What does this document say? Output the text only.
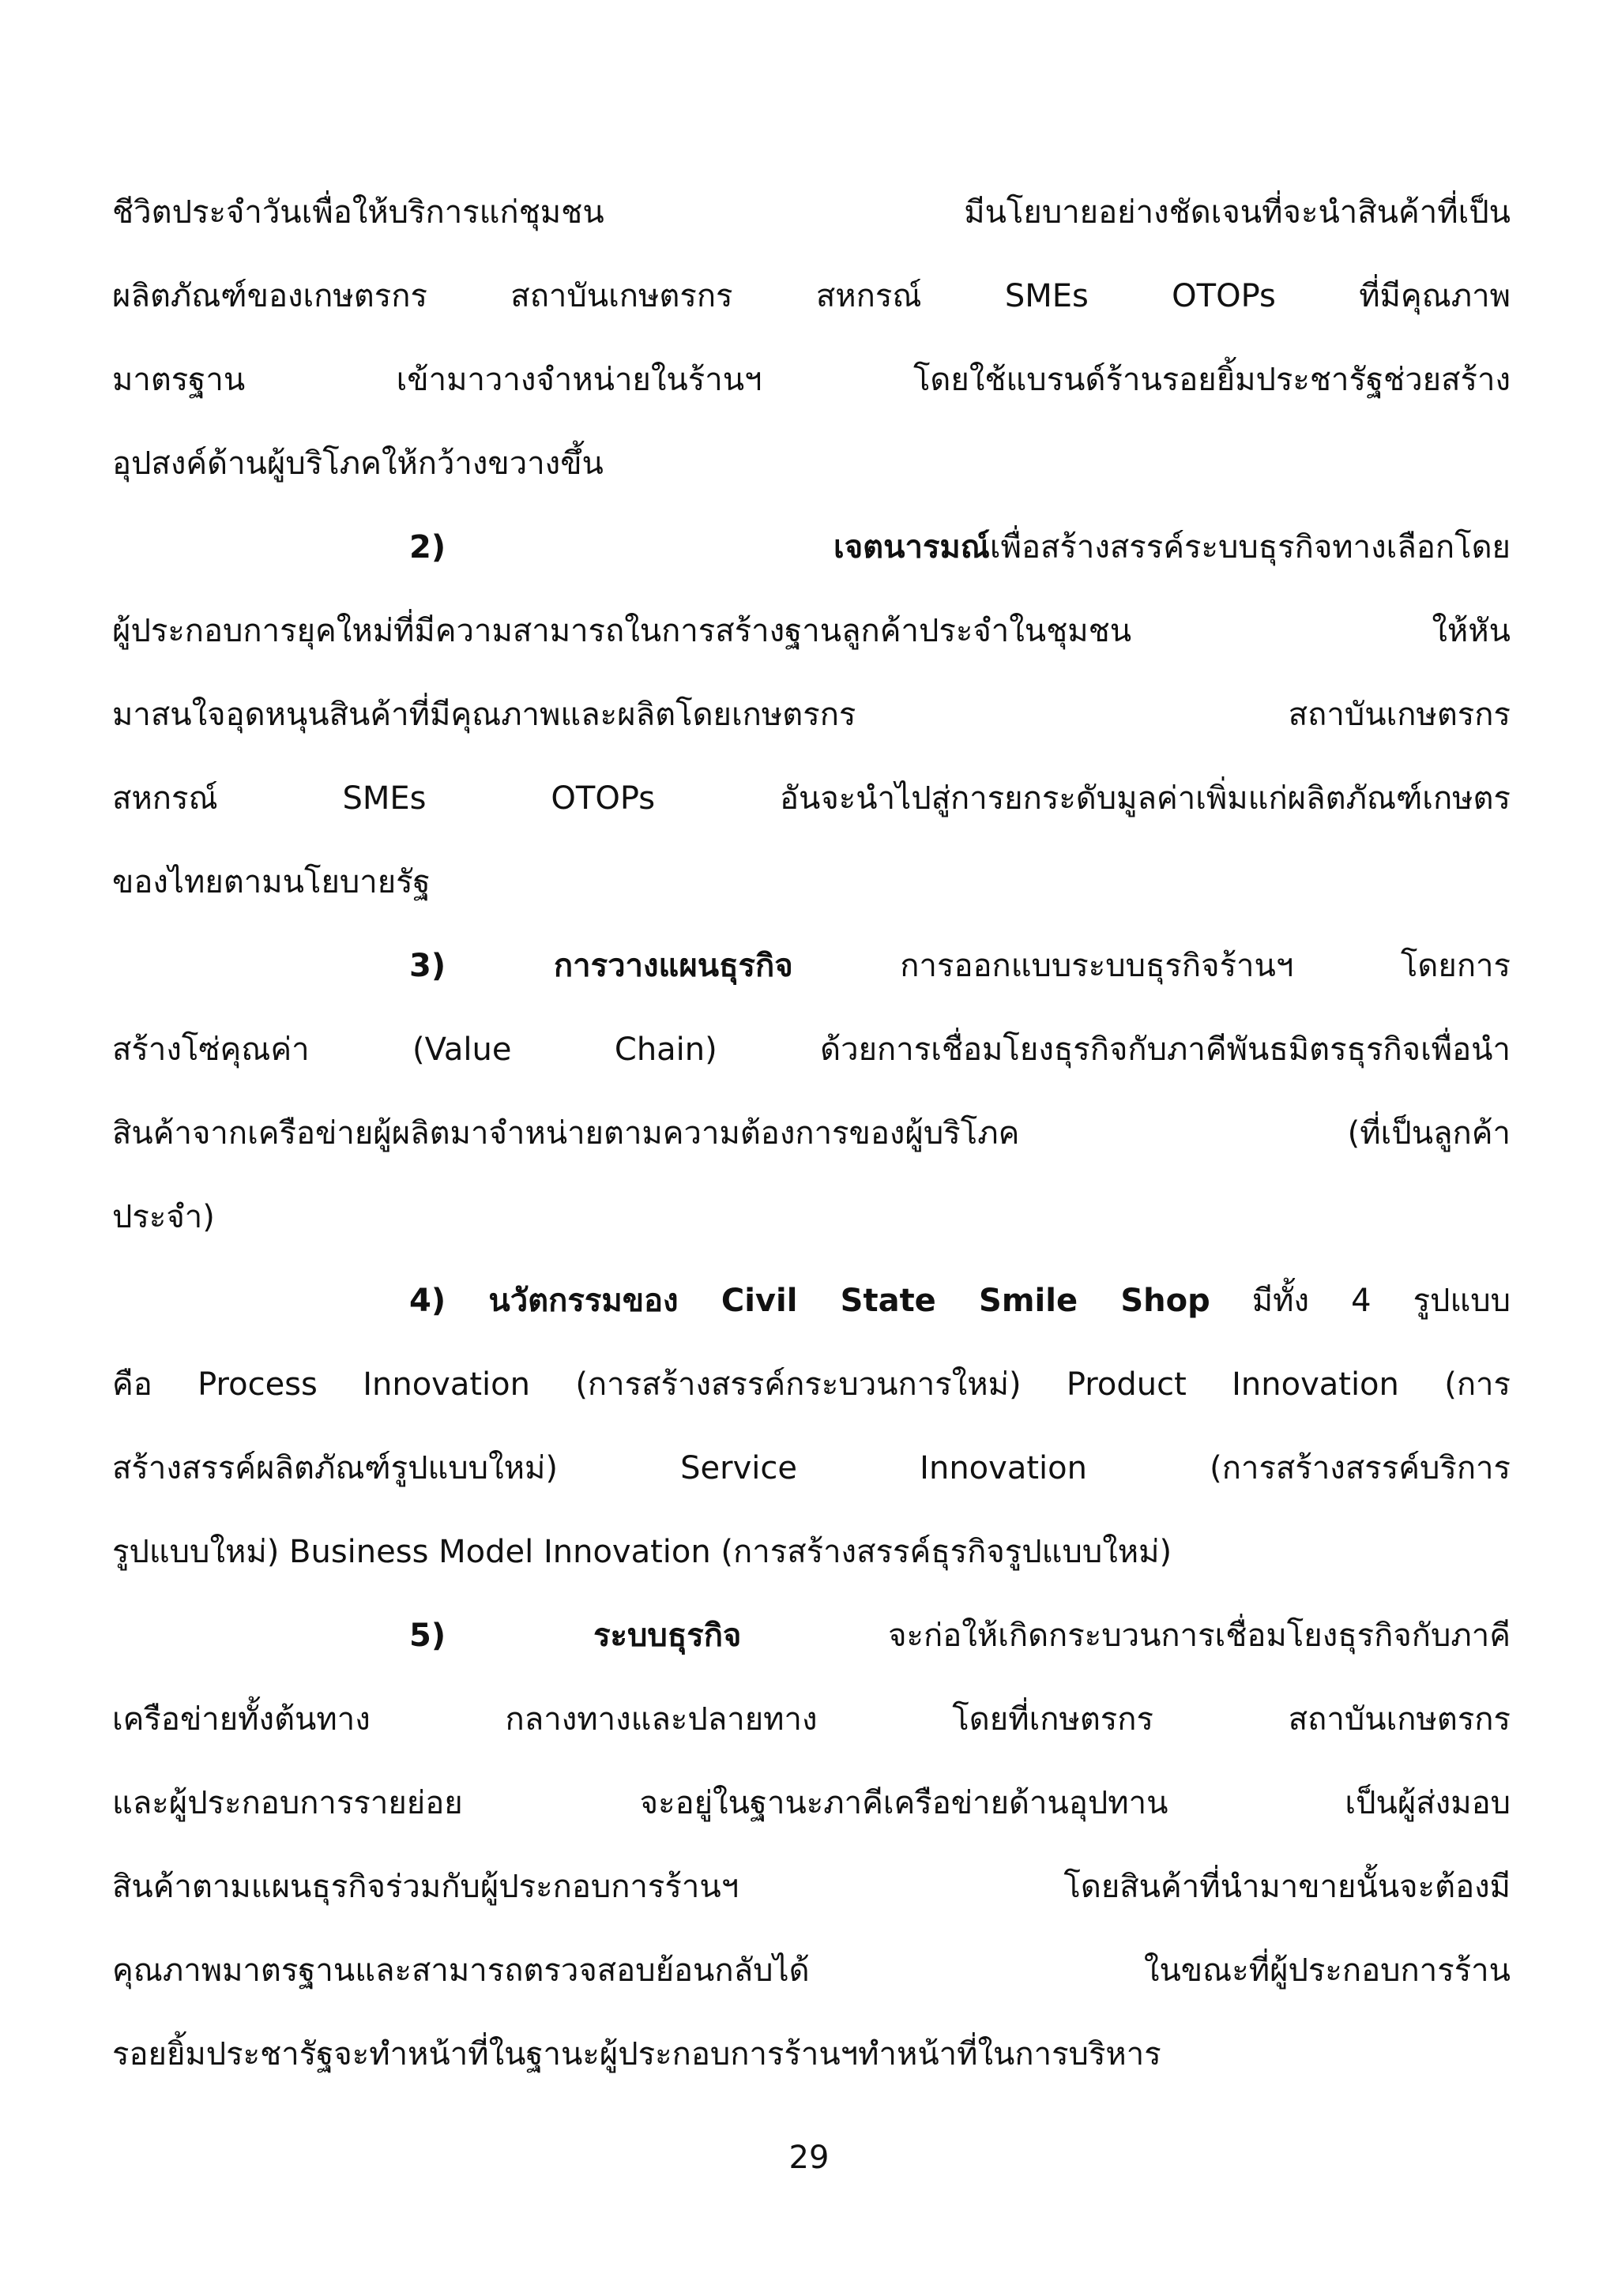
ชีวิตประจำวันเพื่อให้บริการแก่ชุมชน มีนโยบายอย่างชัดเจนที่จะนำสินค้าที่เป็น
ผลิตภัณฑ์ของเกษตรกร สถาบันเกษตรกร สหกรณ์ SMEs OTOPs ที่มีคุณภาพ
มาตรฐาน เข้ามาวางจำหน่ายในร้านฯ โดยใช้แบรนด์ร้านรอยยิ้มประชารัฐช่วยสร้าง
อุปสงค์ด้านผู้บริโภคให้กว้างขวางขึ้น
2) เจตนารมณ์เพื่อสร้างสรรค์ระบบธุรกิจทางเลือกโดย
ผู้ประกอบการยุคใหม่ที่มีความสามารถในการสร้างฐานลูกค้าประจำในชุมชน ให้หัน
มาสนใจอุดหนุนสินค้าที่มีคุณภาพและผลิตโดยเกษตรกร สถาบันเกษตรกร
สหกรณ์ SMEs OTOPs อันจะนำไปสู่การยกระดับมูลค่าเพิ่มแก่ผลิตภัณฑ์เกษตร
ของไทยตามนโยบายรัฐ
3) การวางแผนธุรกิจ การออกแบบระบบธุรกิจร้านฯ โดยการ
สร้างโซ่คุณค่า (Value Chain) ด้วยการเชื่อมโยงธุรกิจกับภาคีพันธมิตรธุรกิจเพื่อนำ
สินค้าจากเครือข่ายผู้ผลิตมาจำหน่ายตามความต้องการของผู้บริโภค (ที่เป็นลูกค้า
ประจำ)
4) นวัตกรรมของ Civil State Smile Shop มีทั้ง 4 รูปแบบ
คือ Process Innovation (การสร้างสรรค์กระบวนการใหม่) Product Innovation (การ
สร้างสรรค์ผลิตภัณฑ์รูปแบบใหม่) Service Innovation (การสร้างสรรค์บริการ
รูปแบบใหม่) Business Model Innovation (การสร้างสรรค์ธุรกิจรูปแบบใหม่)
5) ระบบธุรกิจ จะก่อให้เกิดกระบวนการเชื่อมโยงธุรกิจกับภาคี
เครือข่ายทั้งต้นทาง กลางทางและปลายทาง โดยที่เกษตรกร สถาบันเกษตรกร
และผู้ประกอบการรายย่อย จะอยู่ในฐานะภาคีเครือข่ายด้านอุปทาน เป็นผู้ส่งมอบ
สินค้าตามแผนธุรกิจร่วมกับผู้ประกอบการร้านฯ โดยสินค้าที่นำมาขายนั้นจะต้องมี
คุณภาพมาตรฐานและสามารถตรวจสอบย้อนกลับได้ ในขณะที่ผู้ประกอบการร้าน
รอยยิ้มประชารัฐจะทำหน้าที่ในฐานะผู้ประกอบการร้านฯทำหน้าที่ในการบริหาร
29
